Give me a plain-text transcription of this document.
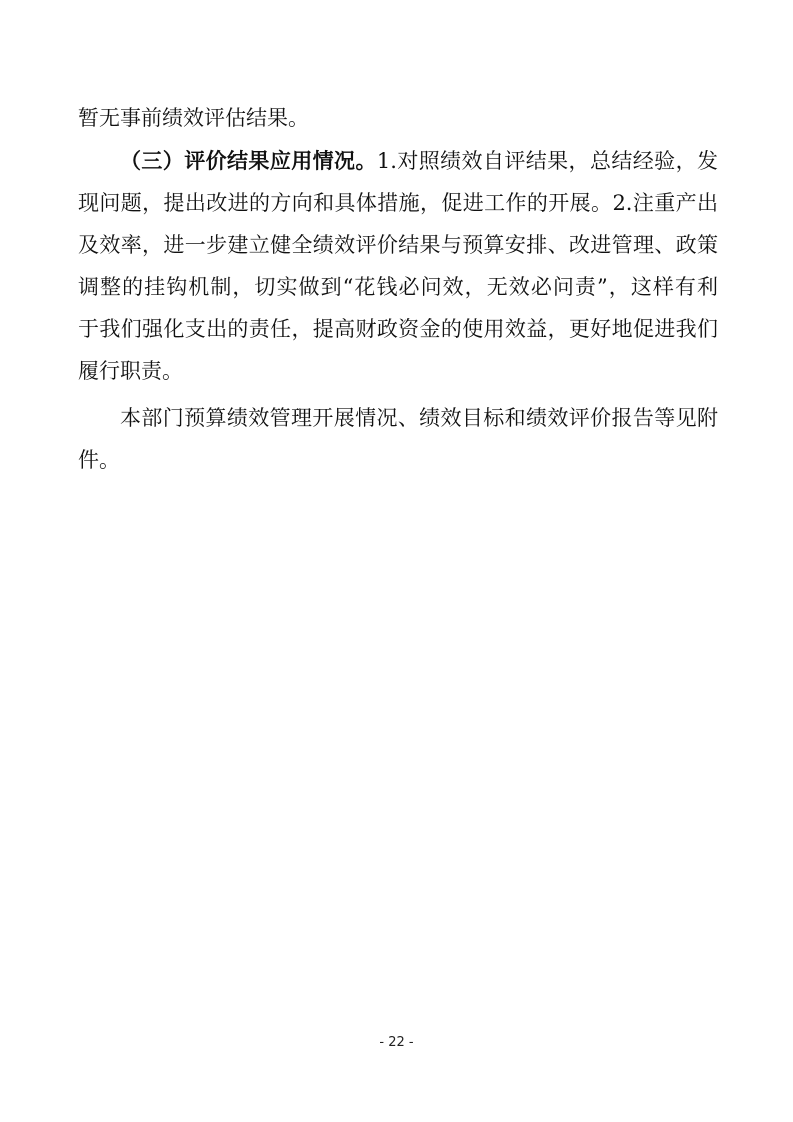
暂无事前绩效评估结果。
（三）评价结果应用情况。1.对照绩效自评结果，总结经验，发
现问题，提出改进的方向和具体措施，促进工作的开展。2.注重产出
及效率，进一步建立健全绩效评价结果与预算安排、改进管理、政策
调整的挂钩机制，切实做到“花钱必问效，无效必问责”，这样有利
于我们强化支出的责任，提高财政资金的使用效益，更好地促进我们
履行职责。
本部门预算绩效管理开展情况、绩效目标和绩效评价报告等见附
件。
- 22 -
